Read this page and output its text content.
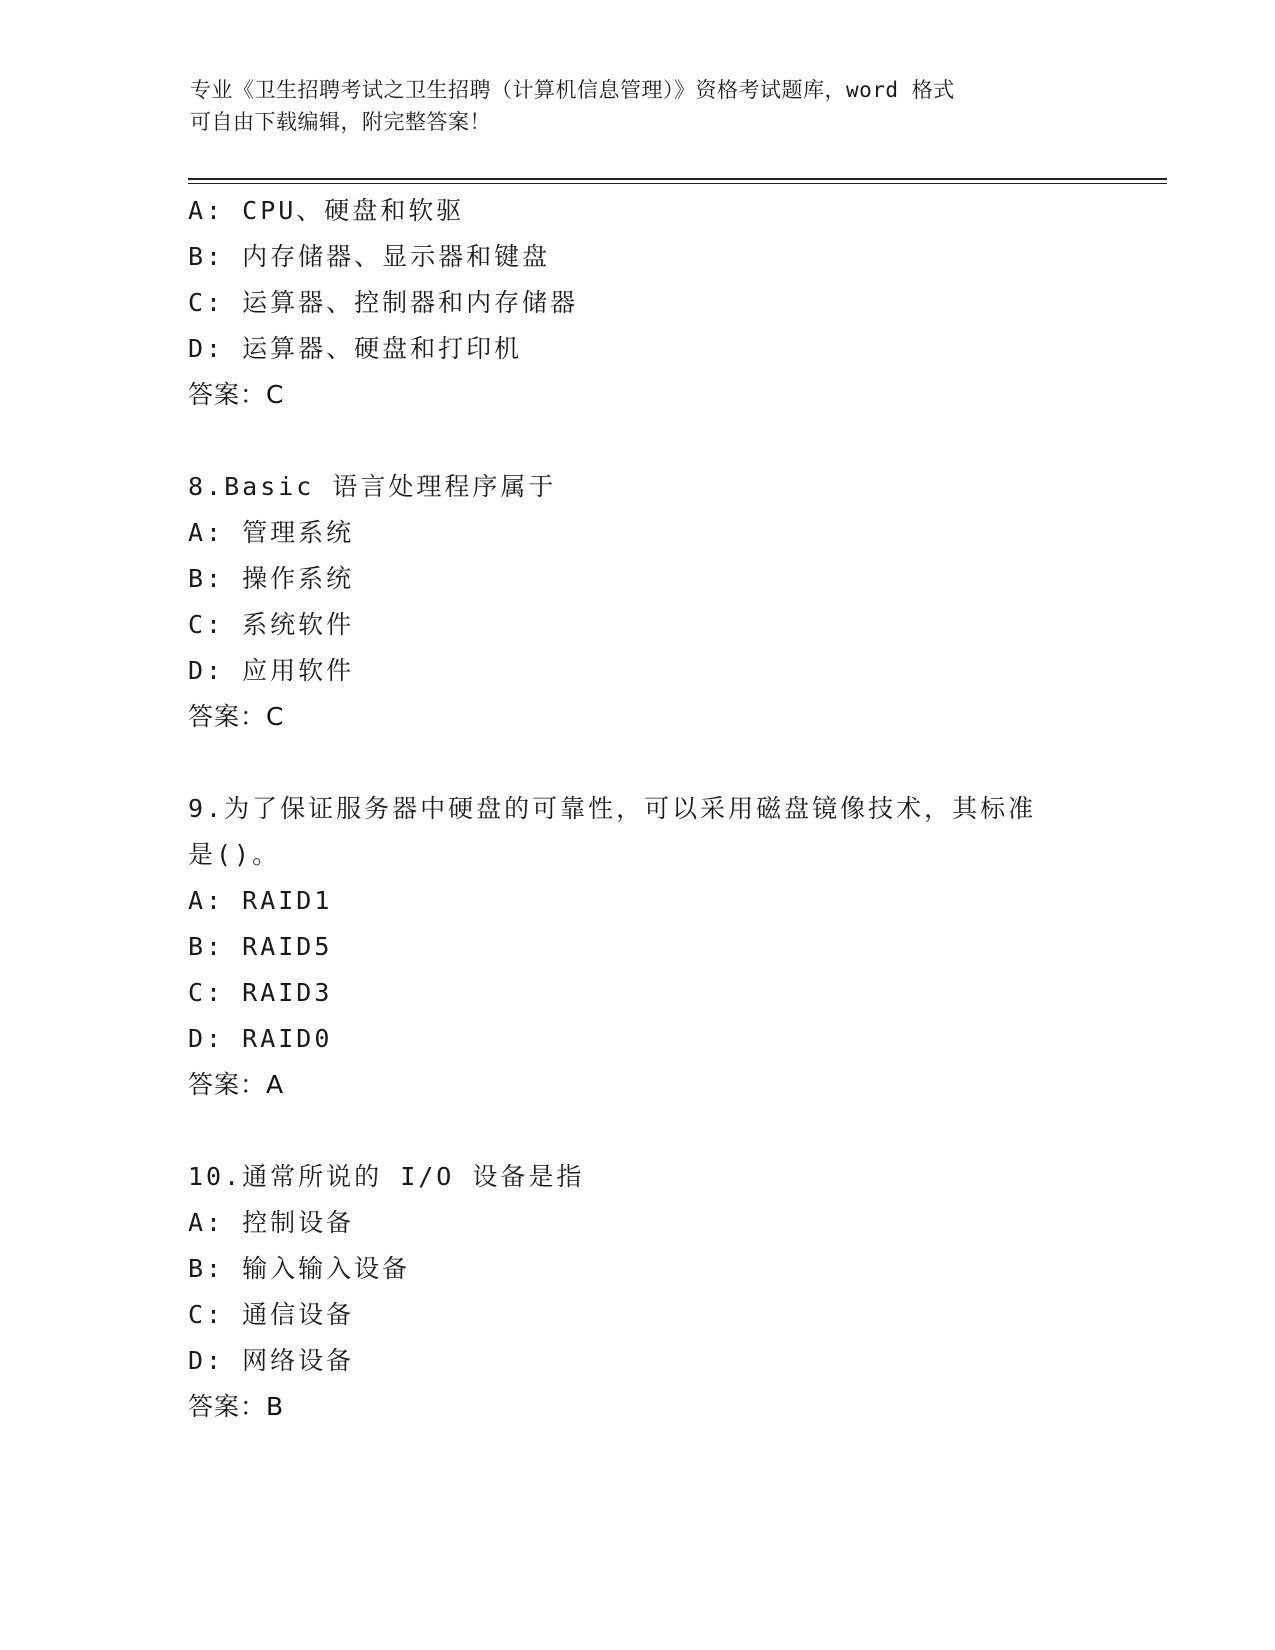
专业《卫生招聘考试之卫生招聘（计算机信息管理）》资格考试题库，word 格式
可自由下载编辑，附完整答案！
A: CPU、硬盘和软驱
B: 内存储器、显示器和键盘
C: 运算器、控制器和内存储器
D: 运算器、硬盘和打印机
答案：C
8.Basic 语言处理程序属于
A: 管理系统
B: 操作系统
C: 系统软件
D: 应用软件
答案：C
9.为了保证服务器中硬盘的可靠性，可以采用磁盘镜像技术，其标准
是()。
A: RAID1
B: RAID5
C: RAID3
D: RAID0
答案：A
10.通常所说的 I/O 设备是指
A: 控制设备
B: 输入输入设备
C: 通信设备
D: 网络设备
答案：B
